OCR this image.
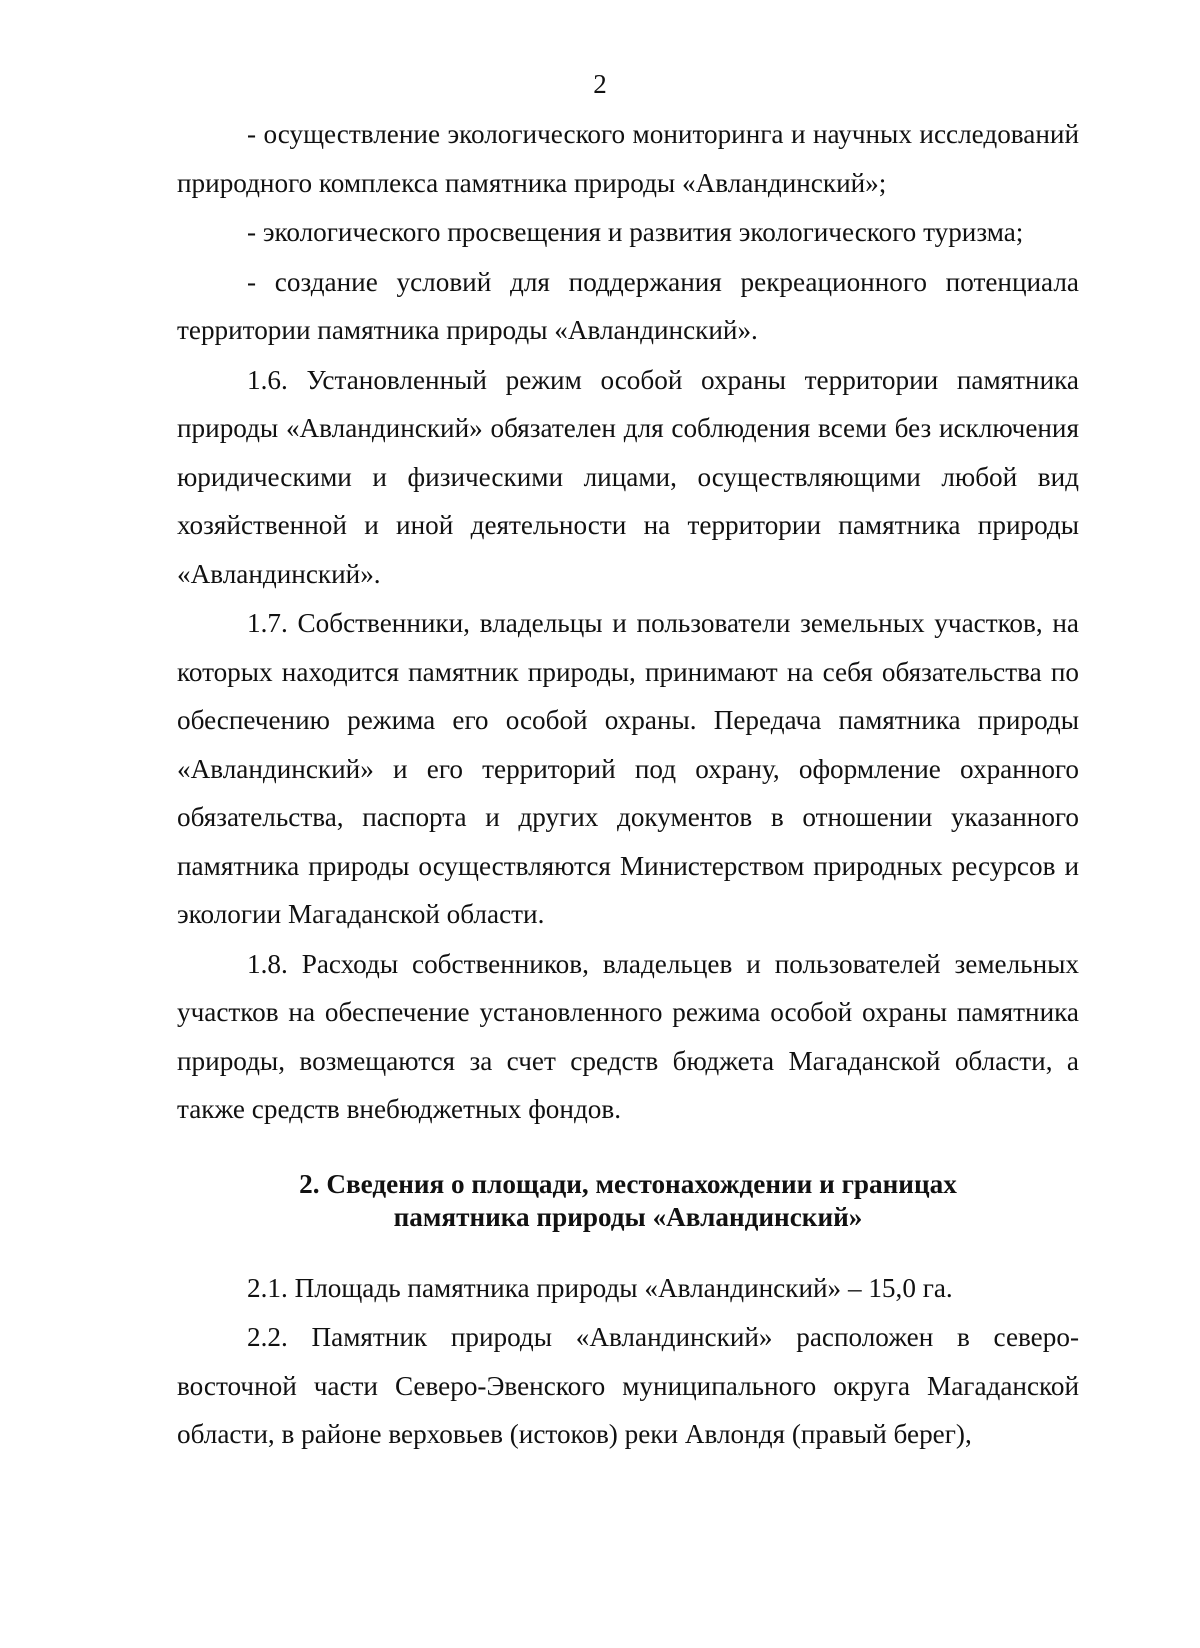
2

- осуществление экологического мониторинга и научных исследований природного комплекса памятника природы «Авландинский»;

- экологического просвещения и развития экологического туризма;

- создание условий для поддержания рекреационного потенциала территории памятника природы «Авландинский».

1.6. Установленный режим особой охраны территории памятника природы «Авландинский» обязателен для соблюдения всеми без исключения юридическими и физическими лицами, осуществляющими любой вид хозяйственной и иной деятельности на территории памятника природы «Авландинский».

1.7. Собственники, владельцы и пользователи земельных участков, на которых находится памятник природы, принимают на себя обязательства по обеспечению режима его особой охраны. Передача памятника природы «Авландинский» и его территорий под охрану, оформление охранного обязательства, паспорта и других документов в отношении указанного памятника природы осуществляются Министерством природных ресурсов и экологии Магаданской области.

1.8. Расходы собственников, владельцев и пользователей земельных участков на обеспечение установленного режима особой охраны памятника природы, возмещаются за счет средств бюджета Магаданской области, а также средств внебюджетных фондов.

2. Сведения о площади, местонахождении и границах
памятника природы «Авландинский»

2.1. Площадь памятника природы «Авландинский» – 15,0 га.

2.2. Памятник природы «Авландинский» расположен в северо-восточной части Северо-Эвенского муниципального округа Магаданской области, в районе верховьев (истоков) реки Авлондя (правый берег),
